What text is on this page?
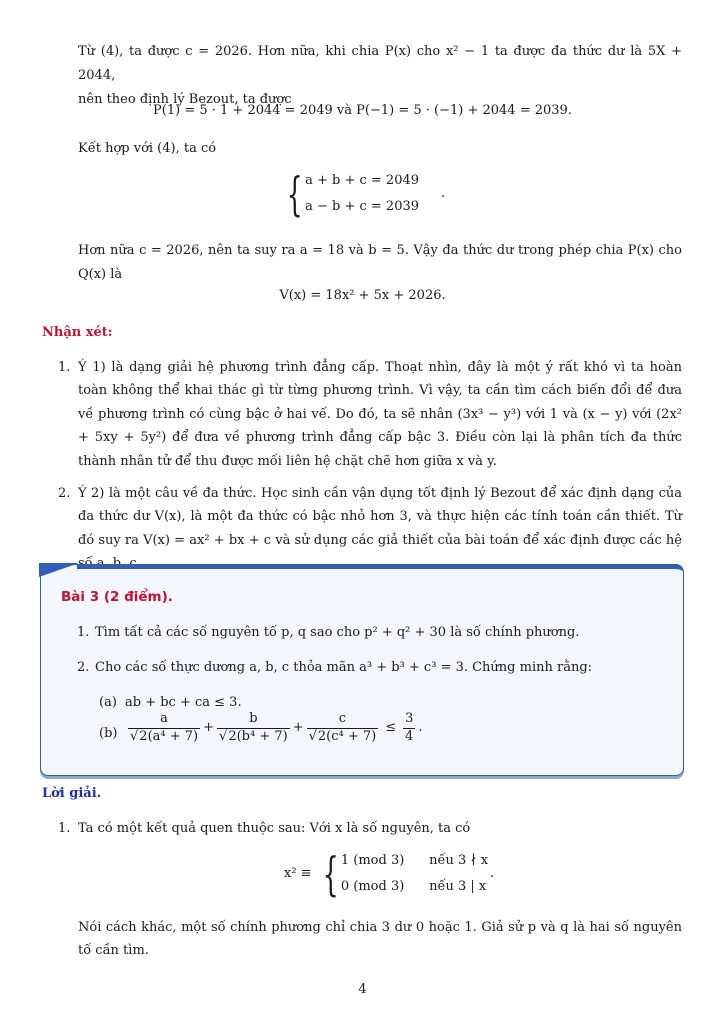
Từ (4), ta được c = 2026. Hơn nữa, khi chia P(x) cho x² − 1 ta được đa thức dư là 5X + 2044,
nên theo định lý Bezout, ta được
P(1) = 5 · 1 + 2044 = 2049 và P(−1) = 5 · (−1) + 2044 = 2039.
Kết hợp với (4), ta có
{ a + b + c = 2049
a − b + c = 2039
.
Hơn nữa c = 2026, nên ta suy ra a = 18 và b = 5. Vậy đa thức dư trong phép chia P(x) cho Q(x) là
V(x) = 18x² + 5x + 2026.
Nhận xét:
1. Ý 1) là dạng giải hệ phương trình đẳng cấp. Thoạt nhìn, đây là một ý rất khó vì ta hoàn toàn không thể khai thác gì từ từng phương trình. Vì vậy, ta cần tìm cách biến đổi để đưa về phương trình có cùng bậc ở hai vế. Do đó, ta sẽ nhân (3x³ − y³) với 1 và (x − y) với (2x² + 5xy + 5y²) để đưa về phương trình đẳng cấp bậc 3. Điều còn lại là phân tích đa thức thành nhân tử để thu được mối liên hệ chặt chẽ hơn giữa x và y.
2. Ý 2) là một câu về đa thức. Học sinh cần vận dụng tốt định lý Bezout để xác định dạng của đa thức dư V(x), là một đa thức có bậc nhỏ hơn 3, và thực hiện các tính toán cần thiết. Từ đó suy ra V(x) = ax² + bx + c và sử dụng các giả thiết của bài toán để xác định được các hệ
Bài 3 (2 điểm).
1. Tìm tất cả các số nguyên tố p, q sao cho p² + q² + 30 là số chính phương.
2. Cho các số thực dương a, b, c thỏa mãn a³ + b³ + c³ = 3. Chứng minh rằng:
(a) ab + bc + ca ≤ 3.
$(b) \frac{a}{\text{√2(a⁴ + 7)}} + \frac{b}{\text{√2(b⁴ + 7)}} + \frac{c}{\text{√2(c⁴ + 7)}} \le \frac{3}{4}$ .
Lời giải.
1. Ta có một kết quả quen thuộc sau: Với x là số nguyên, ta có
x² ≡ { 1 (mod 3)      nếu 3 ∤ x
0 (mod 3)      nếu 3 | x
.
Nói cách khác, một số chính phương chỉ chia 3 dư 0 hoặc 1. Giả sử p và q là hai số nguyên tố cần tìm.
4
